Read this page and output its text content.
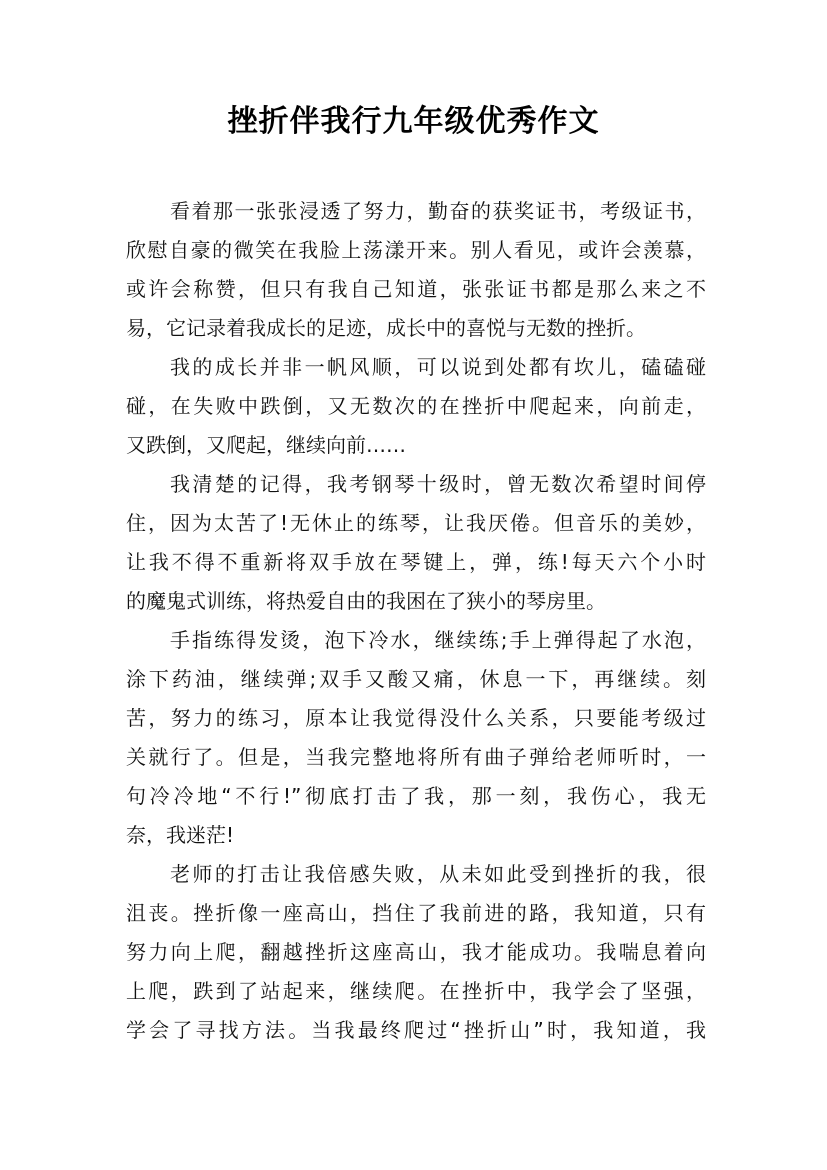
挫折伴我行九年级优秀作文
看着那一张张浸透了努力，勤奋的获奖证书，考级证书，
欣慰自豪的微笑在我脸上荡漾开来。别人看见，或许会羡慕，
或许会称赞，但只有我自己知道，张张证书都是那么来之不
易，它记录着我成长的足迹，成长中的喜悦与无数的挫折。
我的成长并非一帆风顺，可以说到处都有坎儿，磕磕碰
碰，在失败中跌倒，又无数次的在挫折中爬起来，向前走，
又跌倒，又爬起，继续向前……
我清楚的记得，我考钢琴十级时，曾无数次希望时间停
住，因为太苦了!无休止的练琴，让我厌倦。但音乐的美妙，
让我不得不重新将双手放在琴键上，弹，练!每天六个小时
的魔鬼式训练，将热爱自由的我困在了狭小的琴房里。
手指练得发烫，泡下冷水，继续练;手上弹得起了水泡，
涂下药油，继续弹;双手又酸又痛，休息一下，再继续。刻
苦，努力的练习，原本让我觉得没什么关系，只要能考级过
关就行了。但是，当我完整地将所有曲子弹给老师听时，一
句冷冷地“不行!”彻底打击了我，那一刻，我伤心，我无
奈，我迷茫!
老师的打击让我倍感失败，从未如此受到挫折的我，很
沮丧。挫折像一座高山，挡住了我前进的路，我知道，只有
努力向上爬，翻越挫折这座高山，我才能成功。我喘息着向
上爬，跌到了站起来，继续爬。在挫折中，我学会了坚强，
学会了寻找方法。当我最终爬过“挫折山”时，我知道，我
